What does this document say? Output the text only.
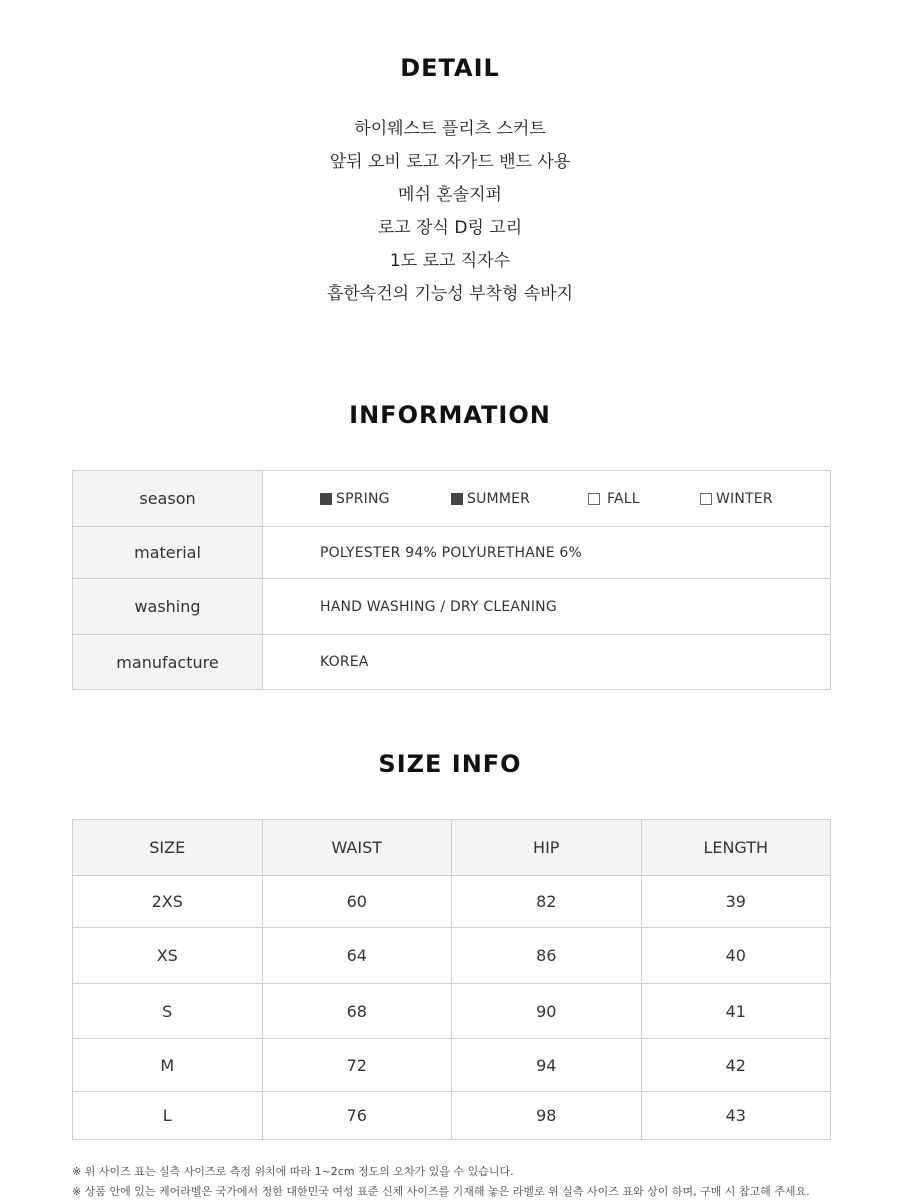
DETAIL
하이웨스트 플리츠 스커트
앞뒤 오비 로고 자가드 밴드 사용
메쉬 혼솔지퍼
로고 장식 D링 고리
1도 로고 직자수
흡한속건의 기능성 부착형 속바지
INFORMATION
season	SPRING SUMMER FALL WINTER

material	POLYESTER 94% POLYURETHANE 6%
washing	HAND WASHING / DRY CLEANING
manufacture	KOREA
SIZE INFO
SIZE	WAIST	HIP	LENGTH
2XS	60	82	39
XS	64	86	40
S	68	90	41
M	72	94	42
L	76	98	43
※ 위 사이즈 표는 실측 사이즈로 측정 위치에 따라 1~2cm 정도의 오차가 있을 수 있습니다.
※ 상품 안에 있는 케어라벨은 국가에서 정한 대한민국 여성 표준 신체 사이즈를 기재해 놓은 라벨로 위 실측 사이즈 표와 상이 하며, 구매 시 참고해 주세요.
